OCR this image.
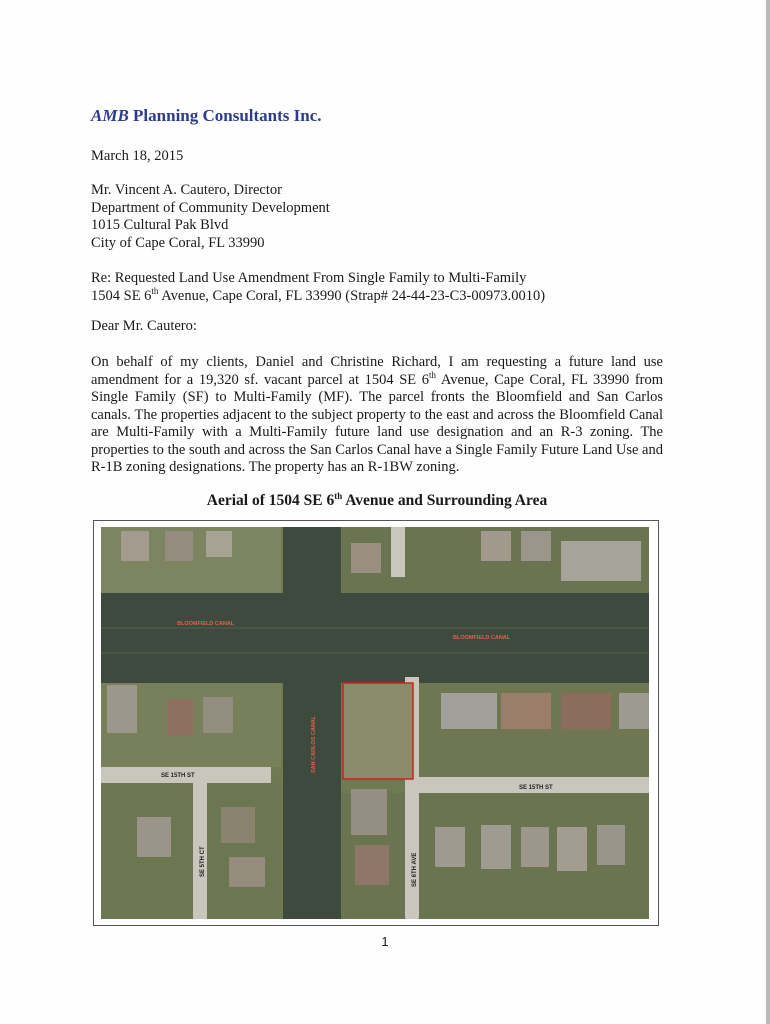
AMB Planning Consultants Inc.
March 18, 2015
Mr. Vincent A. Cautero, Director
Department of Community Development
1015 Cultural Pak Blvd
City of Cape Coral, FL 33990
Re: Requested Land Use Amendment From Single Family to Multi-Family
1504 SE 6th Avenue, Cape Coral, FL 33990 (Strap# 24-44-23-C3-00973.0010)
Dear Mr. Cautero:
On behalf of my clients, Daniel and Christine Richard, I am requesting a future land use amendment for a 19,320 sf. vacant parcel at 1504 SE 6th Avenue, Cape Coral, FL 33990 from Single Family (SF) to Multi-Family (MF). The parcel fronts the Bloomfield and San Carlos canals. The properties adjacent to the subject property to the east and across the Bloomfield Canal are Multi-Family with a Multi-Family future land use designation and an R-3 zoning. The properties to the south and across the San Carlos Canal have a Single Family Future Land Use and R-1B zoning designations. The property has an R-1BW zoning.
Aerial of 1504 SE 6th Avenue and Surrounding Area
BLOOMFIELD CANAL
BLOOMFIELD CANAL
SAN CARLOS CANAL
SE 15TH ST
SE 15TH ST
SE 5TH CT	SE 6TH AVE
1
